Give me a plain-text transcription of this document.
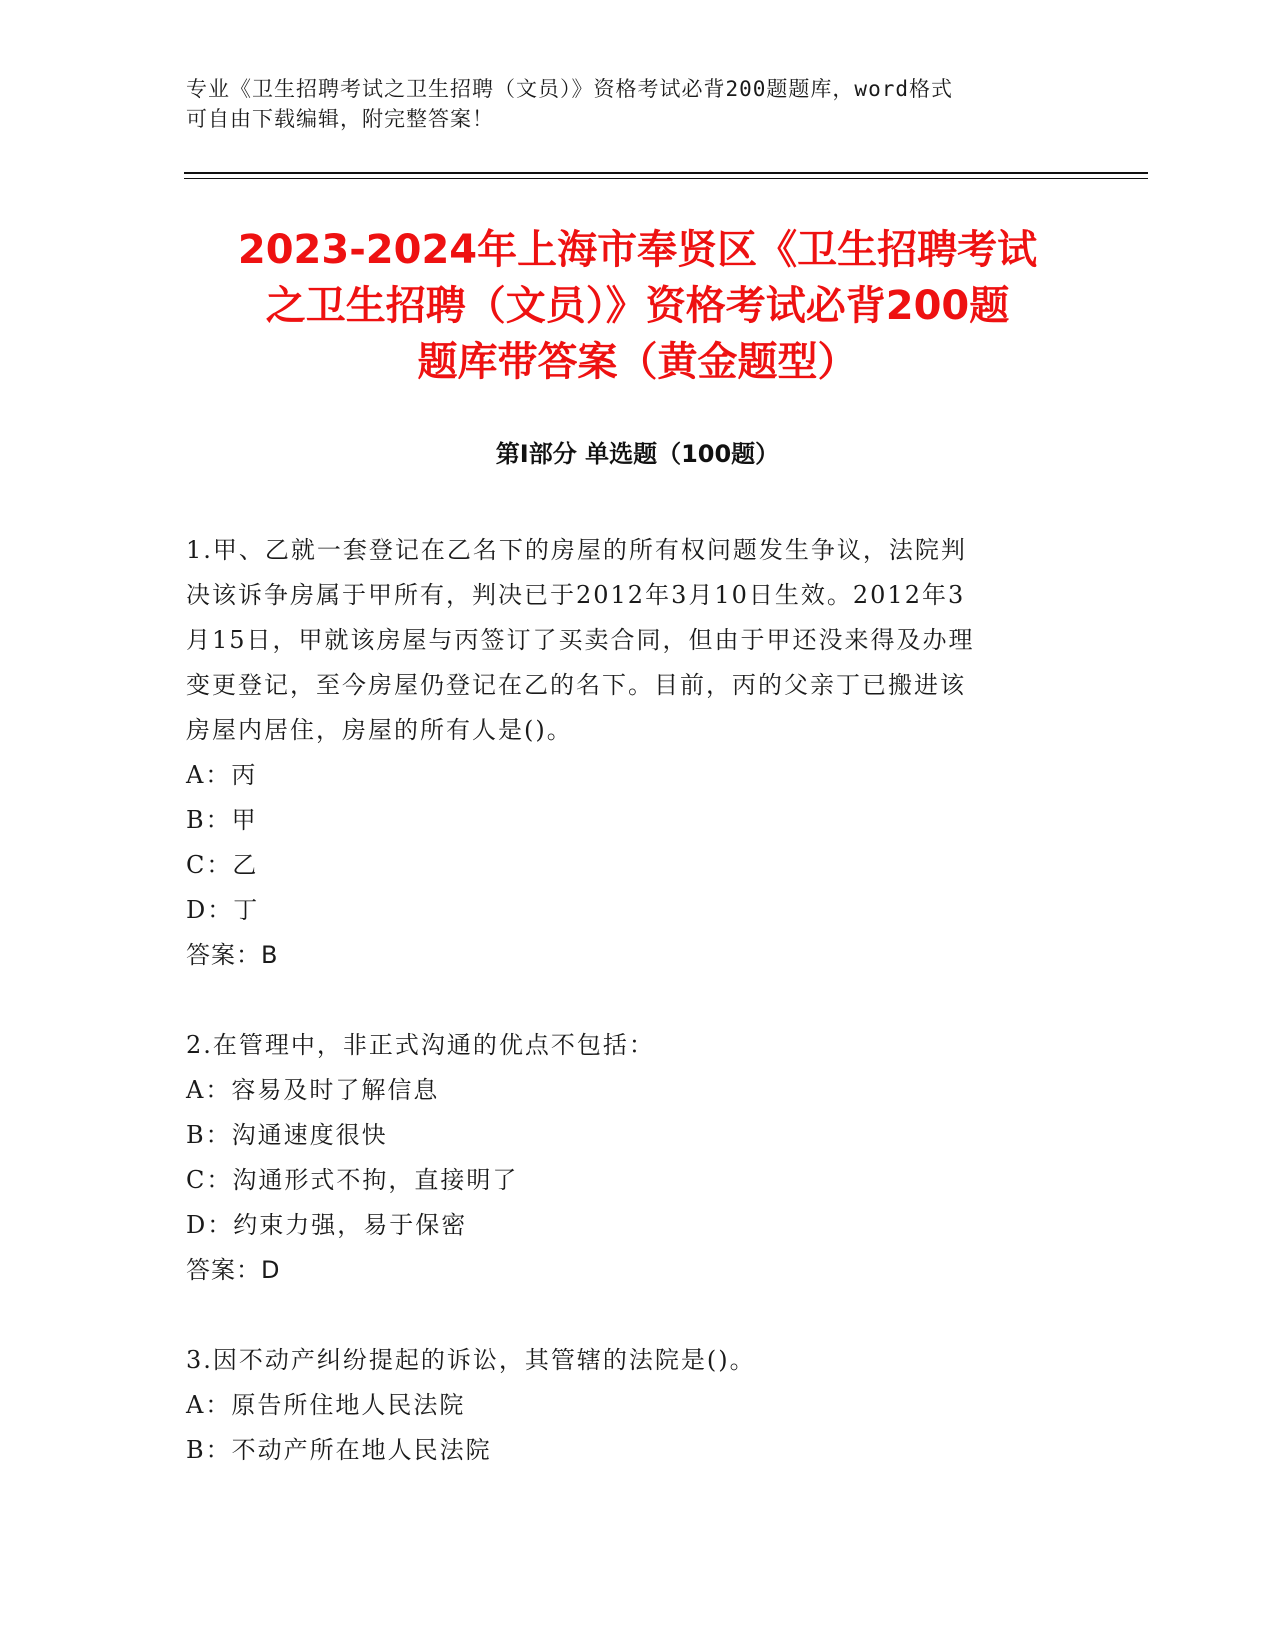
专业《卫生招聘考试之卫生招聘（文员）》资格考试必背200题题库，word格式
可自由下载编辑，附完整答案！
2023-2024年上海市奉贤区《卫生招聘考试
之卫生招聘（文员）》资格考试必背200题
题库带答案（黄金题型）
第Ⅰ部分 单选题（100题）
1.甲、乙就一套登记在乙名下的房屋的所有权问题发生争议，法院判
决该诉争房属于甲所有，判决已于2012年3月10日生效。2012年3
月15日，甲就该房屋与丙签订了买卖合同，但由于甲还没来得及办理
变更登记，至今房屋仍登记在乙的名下。目前，丙的父亲丁已搬进该
房屋内居住，房屋的所有人是()。
A：丙
B：甲
C：乙
D：丁
答案：B
2.在管理中，非正式沟通的优点不包括：
A：容易及时了解信息
B：沟通速度很快
C：沟通形式不拘，直接明了
D：约束力强，易于保密
答案：D
3.因不动产纠纷提起的诉讼，其管辖的法院是()。
A：原告所住地人民法院
B：不动产所在地人民法院
